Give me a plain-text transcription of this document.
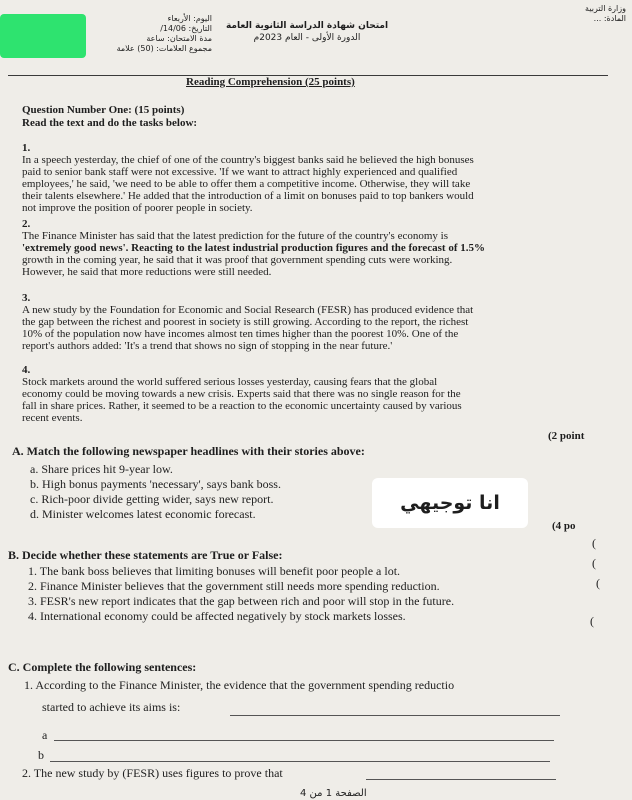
اليوم: الأربعاء
التاريخ: 14/06/
مدة الامتحان: ساعة
مجموع العلامات: (50) علامة
امتحان شهادة الدراسة الثانوية العامة
الدورة الأولى - العام 2023م
وزارة التربية
المادة: ...
Reading Comprehension (25 points)
Question Number One: (15 points)
Read the text and do the tasks below:
1.
In a speech yesterday, the chief of one of the country's biggest banks said he believed the high bonuses
paid to senior bank staff were not excessive. 'If we want to attract highly experienced and qualified
employees,' he said, 'we need to be able to offer them a competitive income. Otherwise, they will take
their talents elsewhere.' He added that the introduction of a limit on bonuses paid to top bankers would
not improve the position of poorer people in society.
2.
The Finance Minister has said that the latest prediction for the future of the country's economy is
'extremely good news'. Reacting to the latest industrial production figures and the forecast of 1.5%
growth in the coming year, he said that it was proof that government spending cuts were working.
However, he said that more reductions were still needed.
3.
A new study by the Foundation for Economic and Social Research (FESR) has produced evidence that
the gap between the richest and poorest in society is still growing. According to the report, the richest
10% of the population now have incomes almost ten times higher than the poorest 10%. One of the
report's authors added: 'It's a trend that shows no sign of stopping in the near future.'
4.
Stock markets around the world suffered serious losses yesterday, causing fears that the global
economy could be moving towards a new crisis. Experts said that there was no single reason for the
fall in share prices. Rather, it seemed to be a reaction to the economic uncertainty caused by various
recent events.
(2 point
A. Match the following newspaper headlines with their stories above:
a. Share prices hit 9-year low.
b. High bonus payments 'necessary', says bank boss.
c. Rich-poor divide getting wider, says new report.
d. Minister welcomes latest economic forecast.	انا توجيهي
(4 po
B. Decide whether these statements are True or False:
1. The bank boss believes that limiting bonuses will benefit poor people a lot.
2. Finance Minister believes that the government still needs more spending reduction.
3. FESR's new report indicates that the gap between rich and poor will stop in the future.
4. International economy could be affected negatively by stock markets losses.
(
(
(
(
C. Complete the following sentences:
1. According to the Finance Minister, the evidence that the government spending reductio
started to achieve its aims is:
a
b
2. The new study by (FESR) uses figures to prove that
الصفحة 1 من 4
